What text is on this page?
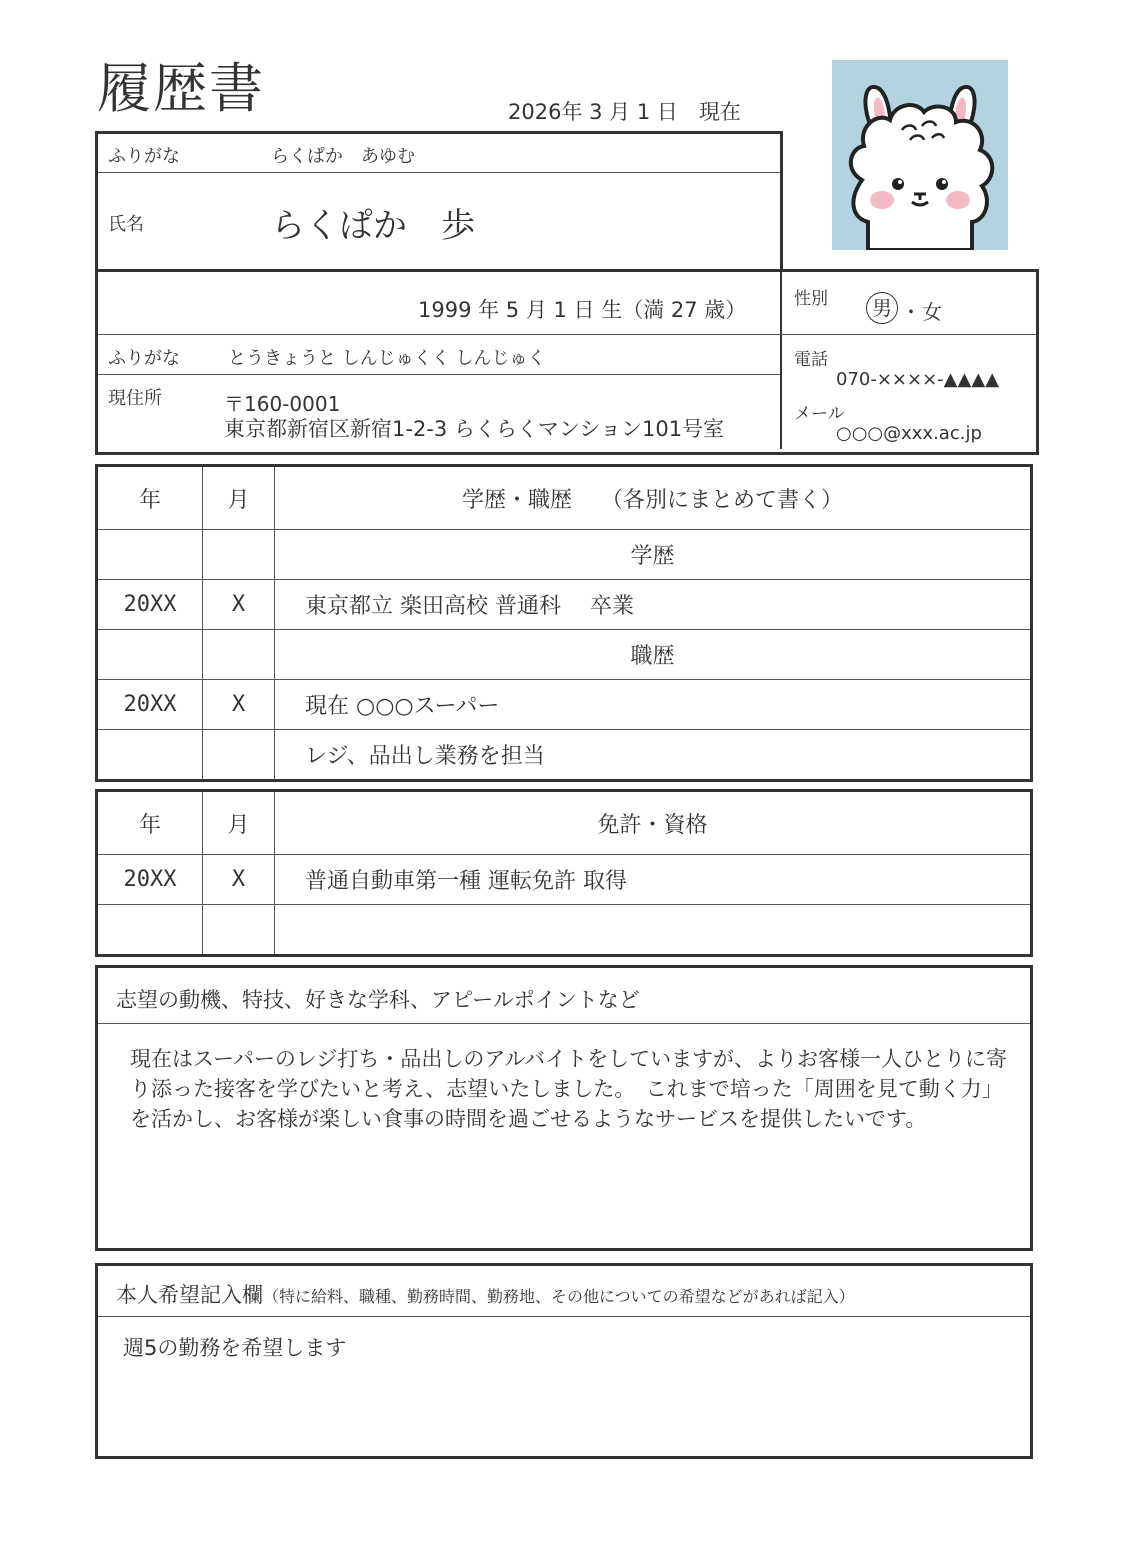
履歴書	2026年 3 月 1 日　現在
ふりがな	らくぱか　あゆむ
氏名	らくぱか　歩
1999 年 5 月 1 日 生（満 27 歳）	性別	男 ・ 女
ふりがな	とうきょうと しんじゅくく しんじゅく
現住所	〒160-0001
東京都新宿区新宿1-2-3 らくらくマンション101号室
電話
070-××××-▲▲▲▲
メール
○○○@xxx.ac.jp
年	月	学歴・職歴　 （各別にまとめて書く）
		学歴
20XX	X	東京都立 楽田高校 普通科　 卒業
		職歴
20XX	X	現在 ○○○スーパー
		レジ、品出し業務を担当
年	月	免許・資格
20XX	X	普通自動車第一種 運転免許 取得

志望の動機、特技、好きな学科、アピールポイントなど
現在はスーパーのレジ打ち・品出しのアルバイトをしていますが、よりお客様一人ひとりに寄り添った接客を学びたいと考え、志望いたしました。　これまで培った「周囲を見て動く力」を活かし、お客様が楽しい食事の時間を過ごせるようなサービスを提供したいです。
本人希望記入欄（特に給料、職種、勤務時間、勤務地、その他についての希望などがあれば記入）
週5の勤務を希望します
